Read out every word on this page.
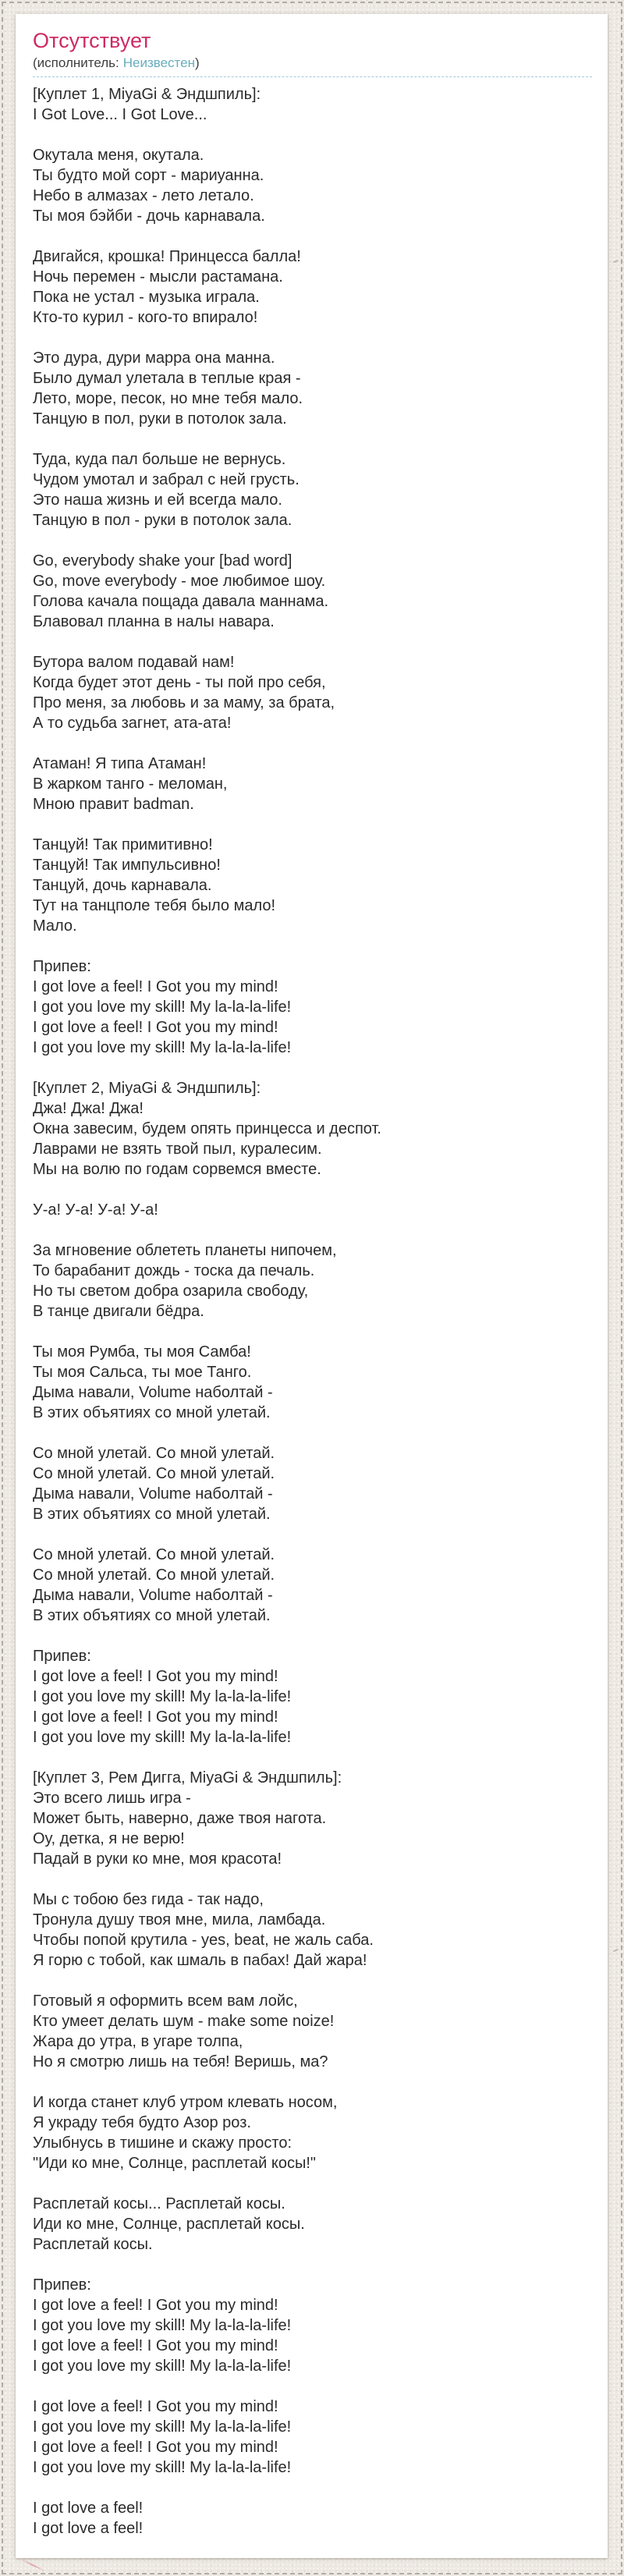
Отсутствует
(исполнитель: Неизвестен)

[Куплет 1, MiyaGi & Эндшпиль]:
I Got Love... I Got Love...

Окутала меня, окутала.
Ты будто мой сорт - мариуанна.
Небо в алмазах - лето летало.
Ты моя бэйби - дочь карнавала.

Двигайся, крошка! Принцесса балла!
Ночь перемен - мысли растамана.
Пока не устал - музыка играла.
Кто-то курил - кого-то впирало!

Это дура, дури марра она манна.
Было думал улетала в теплые края -
Лето, море, песок, но мне тебя мало.
Танцую в пол, руки в потолок зала.

Туда, куда пал больше не вернусь.
Чудом умотал и забрал с ней грусть.
Это наша жизнь и ей всегда мало.
Танцую в пол - руки в потолок зала.

Go, everybody shake your [bad word]
Go, move everybody - мое любимое шоу.
Голова качала пощада давала маннама.
Блавовал планна в налы навара.

Бутора валом подавай нам!
Когда будет этот день - ты пой про себя,
Про меня, за любовь и за маму, за брата,
А то судьба загнет, ата-ата!

Атаман! Я типа Атаман!
В жарком танго - меломан,
Мною правит badman.

Танцуй! Так примитивно!
Танцуй! Так импульсивно!
Танцуй, дочь карнавала.
Тут на танцполе тебя было мало!
Мало.

Припев:
I got love a feel! I Got you my mind!
I got you love my skill! My la-la-la-life!
I got love a feel! I Got you my mind!
I got you love my skill! My la-la-la-life!

[Куплет 2, MiyaGi & Эндшпиль]:
Джа! Джа! Джа!
Окна завесим, будем опять принцесса и деспот.
Лаврами не взять твой пыл, куралесим.
Мы на волю по годам сорвемся вместе.

У-а! У-а! У-а! У-а!

За мгновение облететь планеты нипочем,
То барабанит дождь - тоска да печаль.
Но ты светом добра озарила свободу,
В танце двигали бёдра.

Ты моя Румба, ты моя Самба!
Ты моя Сальса, ты мое Танго.
Дыма навали, Volume наболтай -
В этих объятиях со мной улетай.

Со мной улетай. Со мной улетай.
Со мной улетай. Со мной улетай.
Дыма навали, Volume наболтай -
В этих объятиях со мной улетай.

Со мной улетай. Со мной улетай.
Со мной улетай. Со мной улетай.
Дыма навали, Volume наболтай -
В этих объятиях со мной улетай.

Припев:
I got love a feel! I Got you my mind!
I got you love my skill! My la-la-la-life!
I got love a feel! I Got you my mind!
I got you love my skill! My la-la-la-life!

[Куплет 3, Рем Дигга, MiyaGi & Эндшпиль]:
Это всего лишь игра -
Может быть, наверно, даже твоя нагота.
Оу, детка, я не верю!
Падай в руки ко мне, моя красота!

Мы с тобою без гида - так надо,
Тронула душу твоя мне, мила, ламбада.
Чтобы попой крутила - yes, beat, не жаль саба.
Я горю с тобой, как шмаль в пабах! Дай жара!

Готовый я оформить всем вам лойс,
Кто умеет делать шум - make some noize!
Жара до утра, в угаре толпа,
Но я смотрю лишь на тебя! Веришь, ма?

И когда станет клуб утром клевать носом,
Я украду тебя будто Азор роз.
Улыбнусь в тишине и скажу просто:
"Иди ко мне, Солнце, расплетай косы!"

Расплетай косы... Расплетай косы.
Иди ко мне, Солнце, расплетай косы.
Расплетай косы.

Припев:
I got love a feel! I Got you my mind!
I got you love my skill! My la-la-la-life!
I got love a feel! I Got you my mind!
I got you love my skill! My la-la-la-life!

I got love a feel! I Got you my mind!
I got you love my skill! My la-la-la-life!
I got love a feel! I Got you my mind!
I got you love my skill! My la-la-la-life!

I got love a feel!
I got love a feel!
